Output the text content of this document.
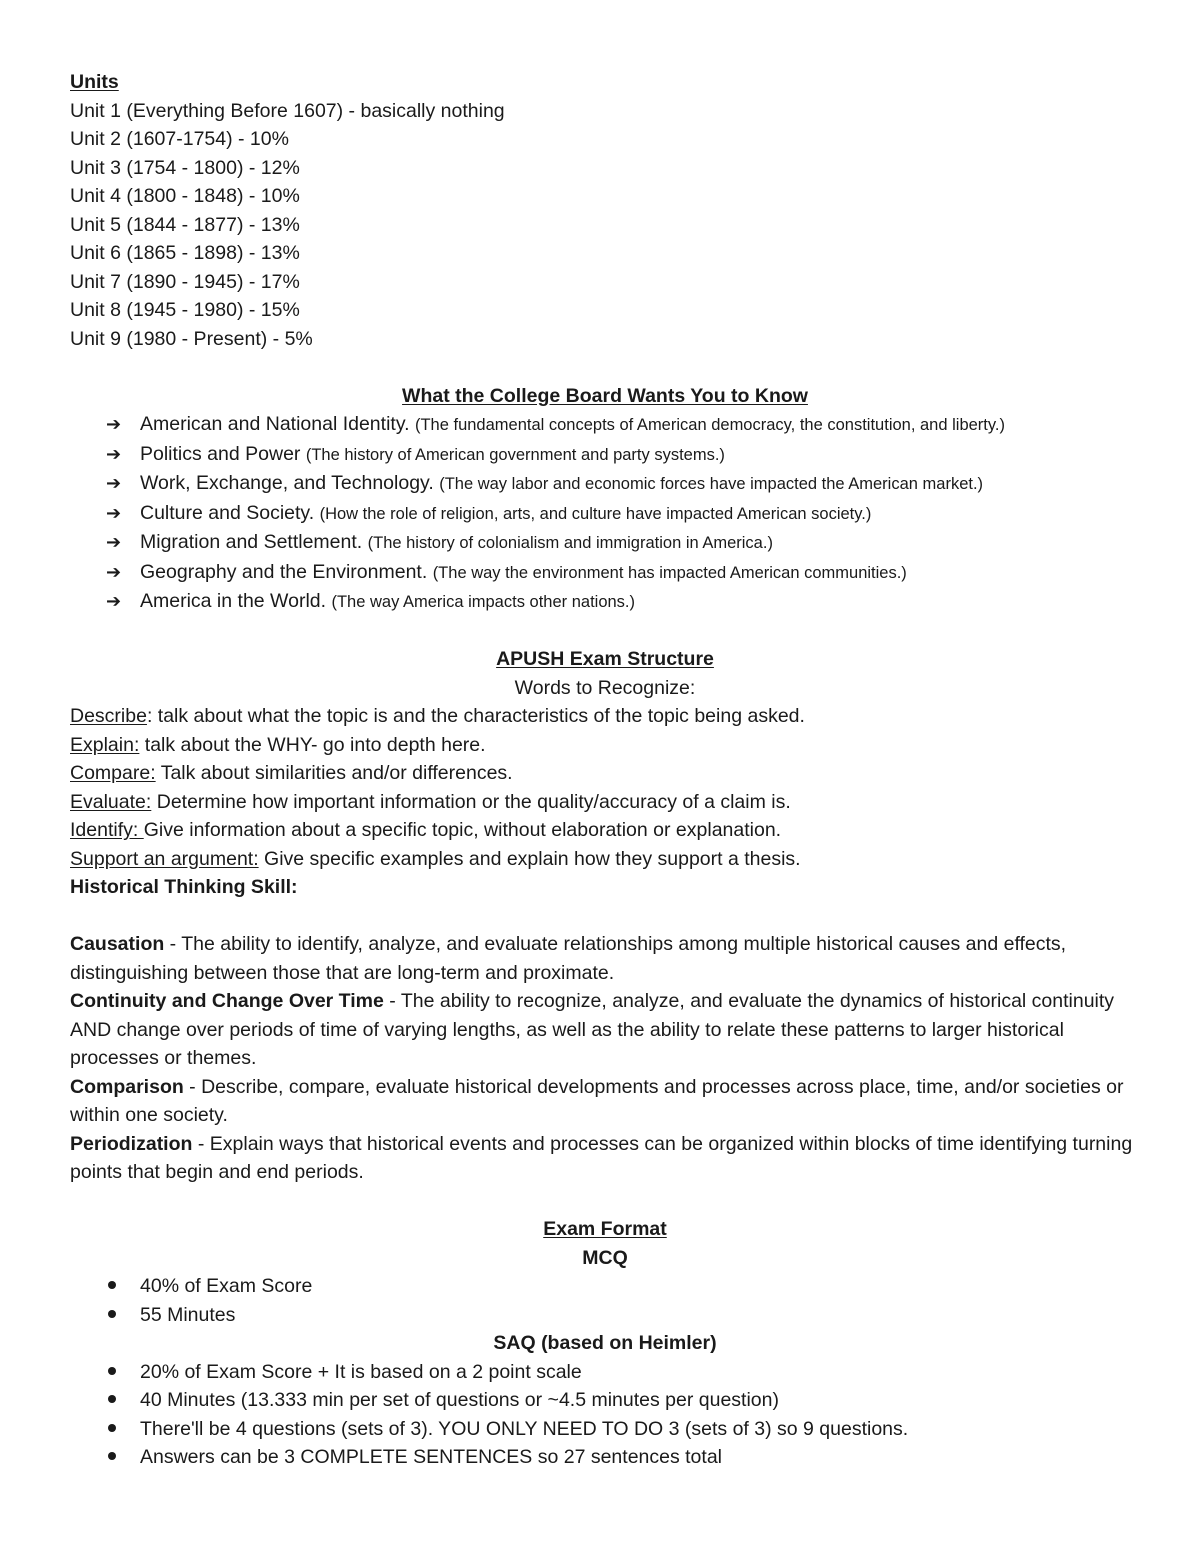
Units
Unit 1 (Everything Before 1607) - basically nothing
Unit 2 (1607-1754) - 10%
Unit 3 (1754 - 1800) - 12%
Unit 4 (1800 - 1848) - 10%
Unit 5 (1844 - 1877) - 13%
Unit 6 (1865 - 1898) - 13%
Unit 7 (1890 - 1945) - 17%
Unit 8 (1945 - 1980) - 15%
Unit 9 (1980 - Present) - 5%
What the College Board Wants You to Know
➔ American and National Identity. (The fundamental concepts of American democracy, the constitution, and liberty.)
➔ Politics and Power (The history of American government and party systems.)
➔ Work, Exchange, and Technology. (The way labor and economic forces have impacted the American market.)
➔ Culture and Society. (How the role of religion, arts, and culture have impacted American society.)
➔ Migration and Settlement. (The history of colonialism and immigration in America.)
➔ Geography and the Environment. (The way the environment has impacted American communities.)
➔ America in the World. (The way America impacts other nations.)
APUSH Exam Structure
Words to Recognize:
Describe: talk about what the topic is and the characteristics of the topic being asked.
Explain: talk about the WHY- go into depth here.
Compare: Talk about similarities and/or differences.
Evaluate: Determine how important information or the quality/accuracy of a claim is.
Identify: Give information about a specific topic, without elaboration or explanation.
Support an argument: Give specific examples and explain how they support a thesis.
Historical Thinking Skill:
Causation - The ability to identify, analyze, and evaluate relationships among multiple historical causes and effects, distinguishing between those that are long-term and proximate.
Continuity and Change Over Time - The ability to recognize, analyze, and evaluate the dynamics of historical continuity AND change over periods of time of varying lengths, as well as the ability to relate these patterns to larger historical processes or themes.
Comparison - Describe, compare, evaluate historical developments and processes across place, time, and/or societies or within one society.
Periodization - Explain ways that historical events and processes can be organized within blocks of time identifying turning points that begin and end periods.
Exam Format
MCQ
40% of Exam Score
55 Minutes
SAQ (based on Heimler)
20% of Exam Score + It is based on a 2 point scale
40 Minutes (13.333 min per set of questions or ~4.5 minutes per question)
There'll be 4 questions (sets of 3). YOU ONLY NEED TO DO 3 (sets of 3) so 9 questions.
Answers can be 3 COMPLETE SENTENCES so 27 sentences total
